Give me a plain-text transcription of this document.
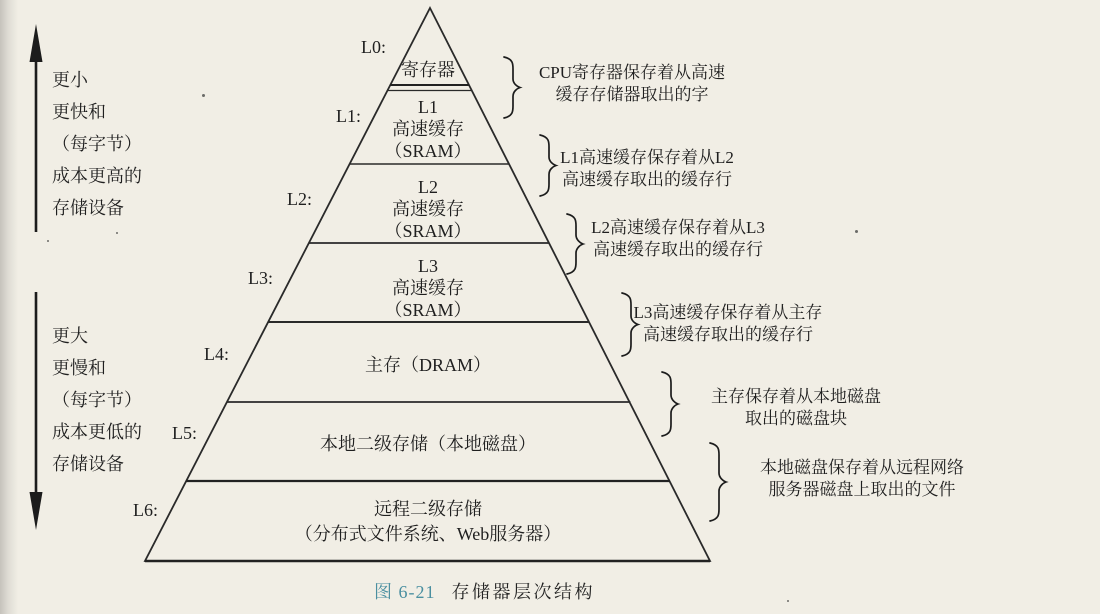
更小
更快和
（每字节）
成本更高的
存储设备
更大
更慢和
（每字节）
成本更低的
存储设备
L0:
L1:
L2:
L3:
L4:
L5:
L6:
寄存器
L1
高速缓存
（SRAM）
L2
高速缓存
（SRAM）
L3
高速缓存
（SRAM）
主存（DRAM）
本地二级存储（本地磁盘）
远程二级存储
（分布式文件系统、Web服务器）
CPU寄存器保存着从高速
缓存存储器取出的字
L1高速缓存保存着从L2
高速缓存取出的缓存行
L2高速缓存保存着从L3
高速缓存取出的缓存行
L3高速缓存保存着从主存
高速缓存取出的缓存行
主存保存着从本地磁盘
取出的磁盘块
本地磁盘保存着从远程网络
服务器磁盘上取出的文件
图 6-21 存储器层次结构
